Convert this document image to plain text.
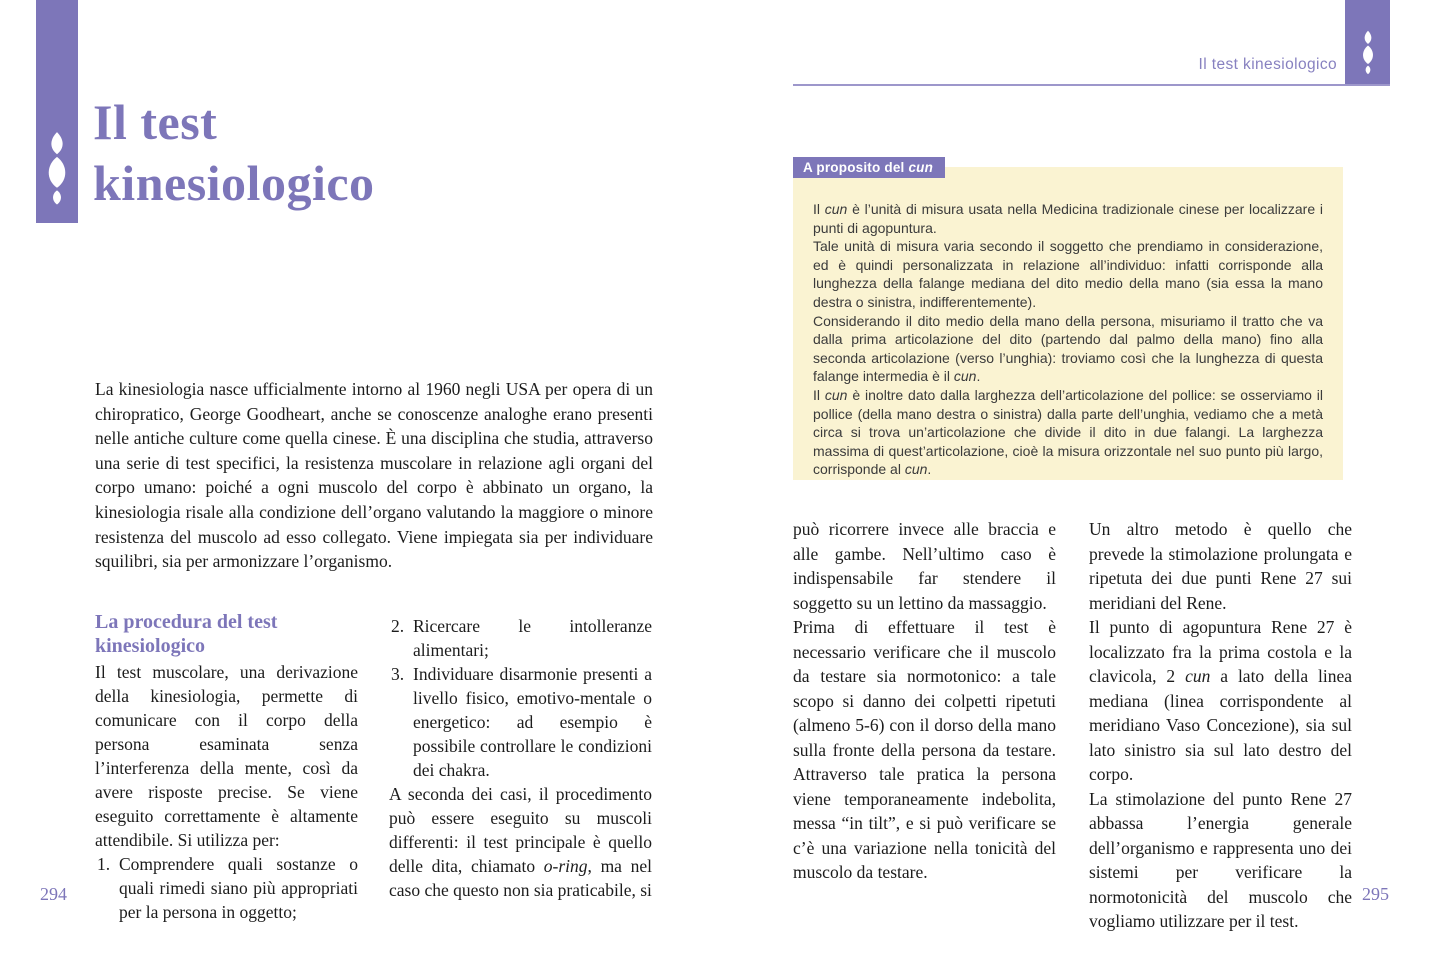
Il test
kinesiologico

La kinesiologia nasce ufficialmente intorno al 1960 negli USA per opera di un chiropratico, George Goodheart, anche se conoscenze analoghe erano presenti nelle antiche culture come quella cinese. È una disciplina che studia, attraverso una serie di test specifici, la resistenza muscolare in relazione agli organi del corpo umano: poiché a ogni muscolo del corpo è abbinato un organo, la kinesiologia risale alla condizione dell’organo valutando la maggiore o minore resistenza del muscolo ad esso collegato. Viene impiegata sia per individuare squilibri, sia per armonizzare l’organismo.

La procedura del test kinesiologico

Il test muscolare, una derivazione della kinesiologia, permette di comunicare con il corpo della persona esaminata senza l’interferenza della mente, così da avere risposte precise. Se viene eseguito correttamente è altamente attendibile. Si utilizza per:

1. Comprendere quali sostanze o quali rimedi siano più appropriati per la persona in oggetto;
2. Ricercare le intolleranze alimentari;
3. Individuare disarmonie presenti a livello fisico, emotivo-mentale o energetico: ad esempio è possibile controllare le condizioni dei chakra.

A seconda dei casi, il procedimento può essere eseguito su muscoli differenti: il test principale è quello delle dita, chiamato o-ring, ma nel caso che questo non sia praticabile, si

294
Il test kinesiologico

Il cun è l’unità di misura usata nella Medicina tradizionale cinese per localizzare i punti di agopuntura.

Tale unità di misura varia secondo il soggetto che prendiamo in considerazione, ed è quindi personalizzata in relazione all’individuo: infatti corrisponde alla lunghezza della falange mediana del dito medio della mano (sia essa la mano destra o sinistra, indifferentemente).

Considerando il dito medio della mano della persona, misuriamo il tratto che va dalla prima articolazione del dito (partendo dal palmo della mano) fino alla seconda articolazione (verso l’unghia): troviamo così che la lunghezza di questa falange intermedia è il cun.

Il cun è inoltre dato dalla larghezza dell’articolazione del pollice: se osserviamo il pollice (della mano destra o sinistra) dalla parte dell’unghia, vediamo che a metà circa si trova un’articolazione che divide il dito in due falangi. La larghezza massima di quest’articolazione, cioè la misura orizzontale nel suo punto più largo, corrisponde al cun.

A proposito del cun

può ricorrere invece alle braccia e alle gambe. Nell’ultimo caso è indispensabile far stendere il soggetto su un lettino da massaggio.

Prima di effettuare il test è necessario verificare che il muscolo da testare sia normotonico: a tale scopo si danno dei colpetti ripetuti (almeno 5-6) con il dorso della mano sulla fronte della persona da testare. Attraverso tale pratica la persona viene temporaneamente indebolita, messa “in tilt”, e si può verificare se c’è una variazione nella tonicità del muscolo da testare.

Un altro metodo è quello che prevede la stimolazione prolungata e ripetuta dei due punti Rene 27 sui meridiani del Rene.

Il punto di agopuntura Rene 27 è localizzato fra la prima costola e la clavicola, 2 cun a lato della linea mediana (linea corrispondente al meridiano Vaso Concezione), sia sul lato sinistro sia sul lato destro del corpo.

La stimolazione del punto Rene 27 abbassa l’energia generale dell’organismo e rappresenta uno dei sistemi per verificare la normotonicità del muscolo che vogliamo utilizzare per il test.

295
